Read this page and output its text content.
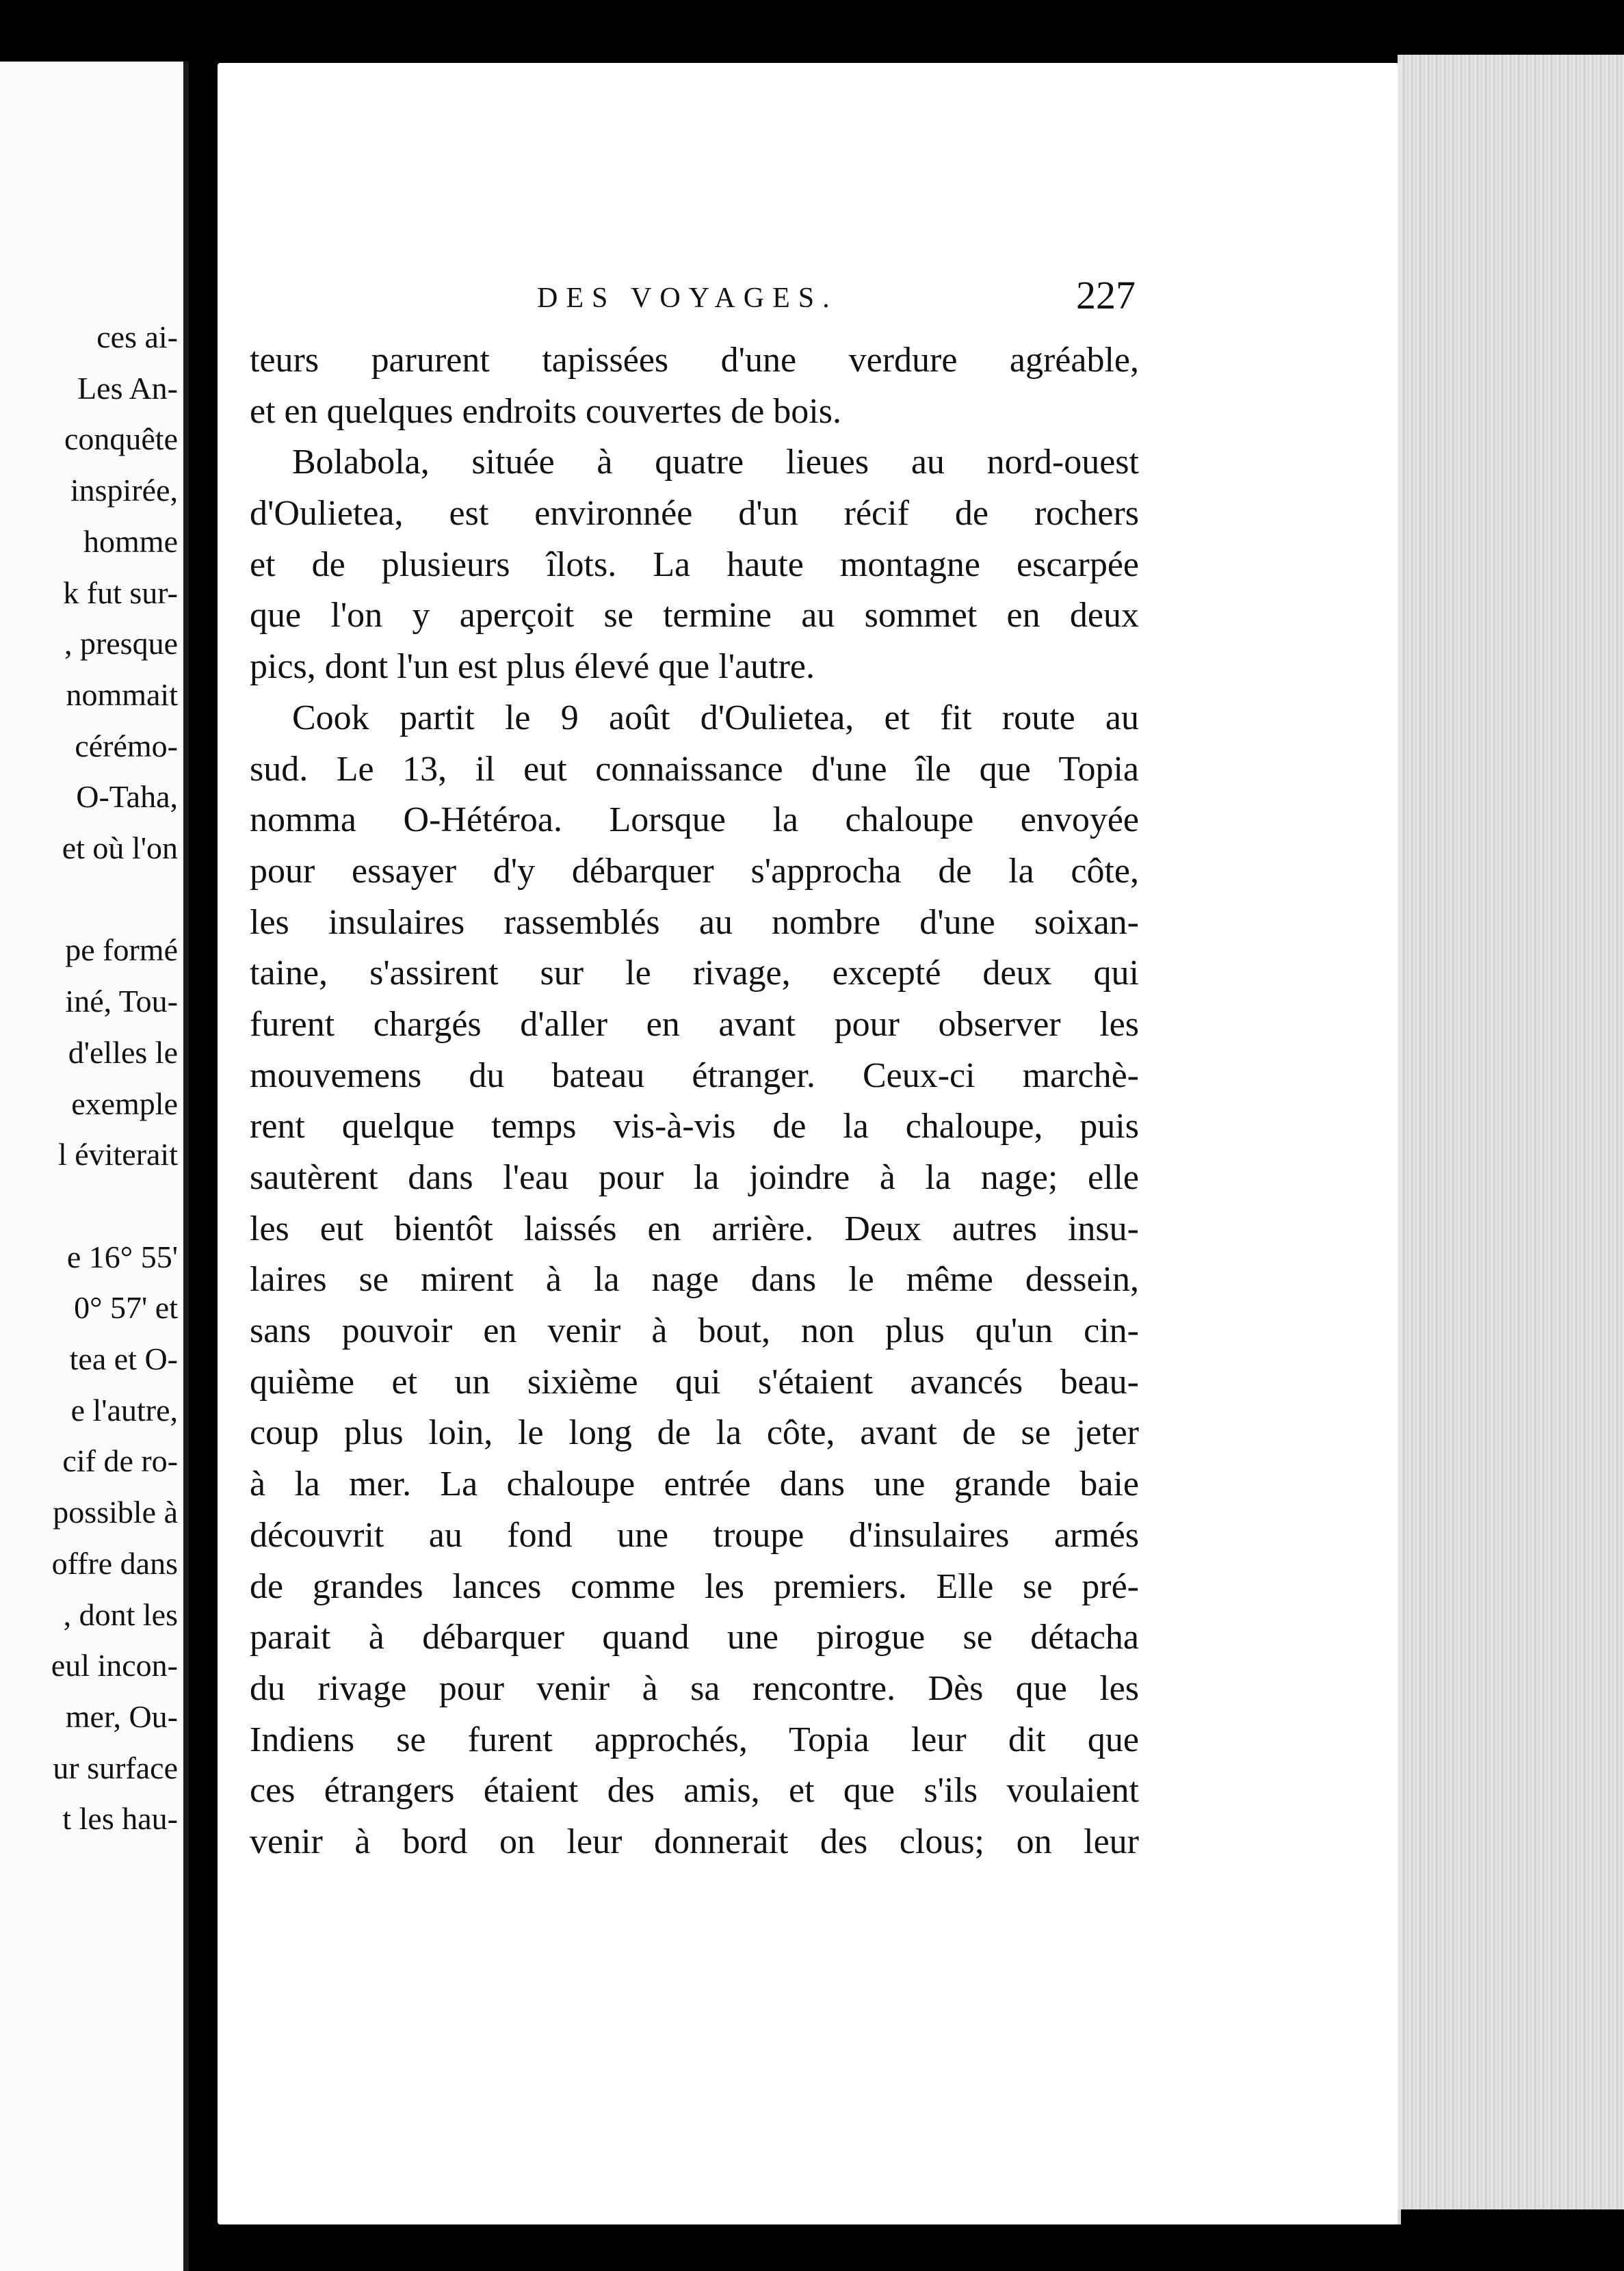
ces ai-
Les An-
conquête
inspirée,
homme
k fut sur-
, presque
nommait
cérémo-
O-Taha,
et où l'on
pe formé
iné, Tou-
d'elles le
exemple
l éviterait
e 16° 55'
0° 57' et
tea et O-
e l'autre,
cif de ro-
possible à
offre dans
, dont les
eul incon-
mer, Ou-
ur surface
t les hau-
DES VOYAGES.	227
teurs parurent tapissées d'une verdure agréable,
et en quelques endroits couvertes de bois.
Bolabola, située à quatre lieues au nord-ouest
d'Oulietea, est environnée d'un récif de rochers
et de plusieurs îlots. La haute montagne escarpée
que l'on y aperçoit se termine au sommet en deux
pics, dont l'un est plus élevé que l'autre.
Cook partit le 9 août d'Oulietea, et fit route au
sud. Le 13, il eut connaissance d'une île que Topia
nomma O-Hétéroa. Lorsque la chaloupe envoyée
pour essayer d'y débarquer s'approcha de la côte,
les insulaires rassemblés au nombre d'une soixan-
taine, s'assirent sur le rivage, excepté deux qui
furent chargés d'aller en avant pour observer les
mouvemens du bateau étranger. Ceux-ci marchè-
rent quelque temps vis-à-vis de la chaloupe, puis
sautèrent dans l'eau pour la joindre à la nage; elle
les eut bientôt laissés en arrière. Deux autres insu-
laires se mirent à la nage dans le même dessein,
sans pouvoir en venir à bout, non plus qu'un cin-
quième et un sixième qui s'étaient avancés beau-
coup plus loin, le long de la côte, avant de se jeter
à la mer. La chaloupe entrée dans une grande baie
découvrit au fond une troupe d'insulaires armés
de grandes lances comme les premiers. Elle se pré-
parait à débarquer quand une pirogue se détacha
du rivage pour venir à sa rencontre. Dès que les
Indiens se furent approchés, Topia leur dit que
ces étrangers étaient des amis, et que s'ils voulaient
venir à bord on leur donnerait des clous; on leur
